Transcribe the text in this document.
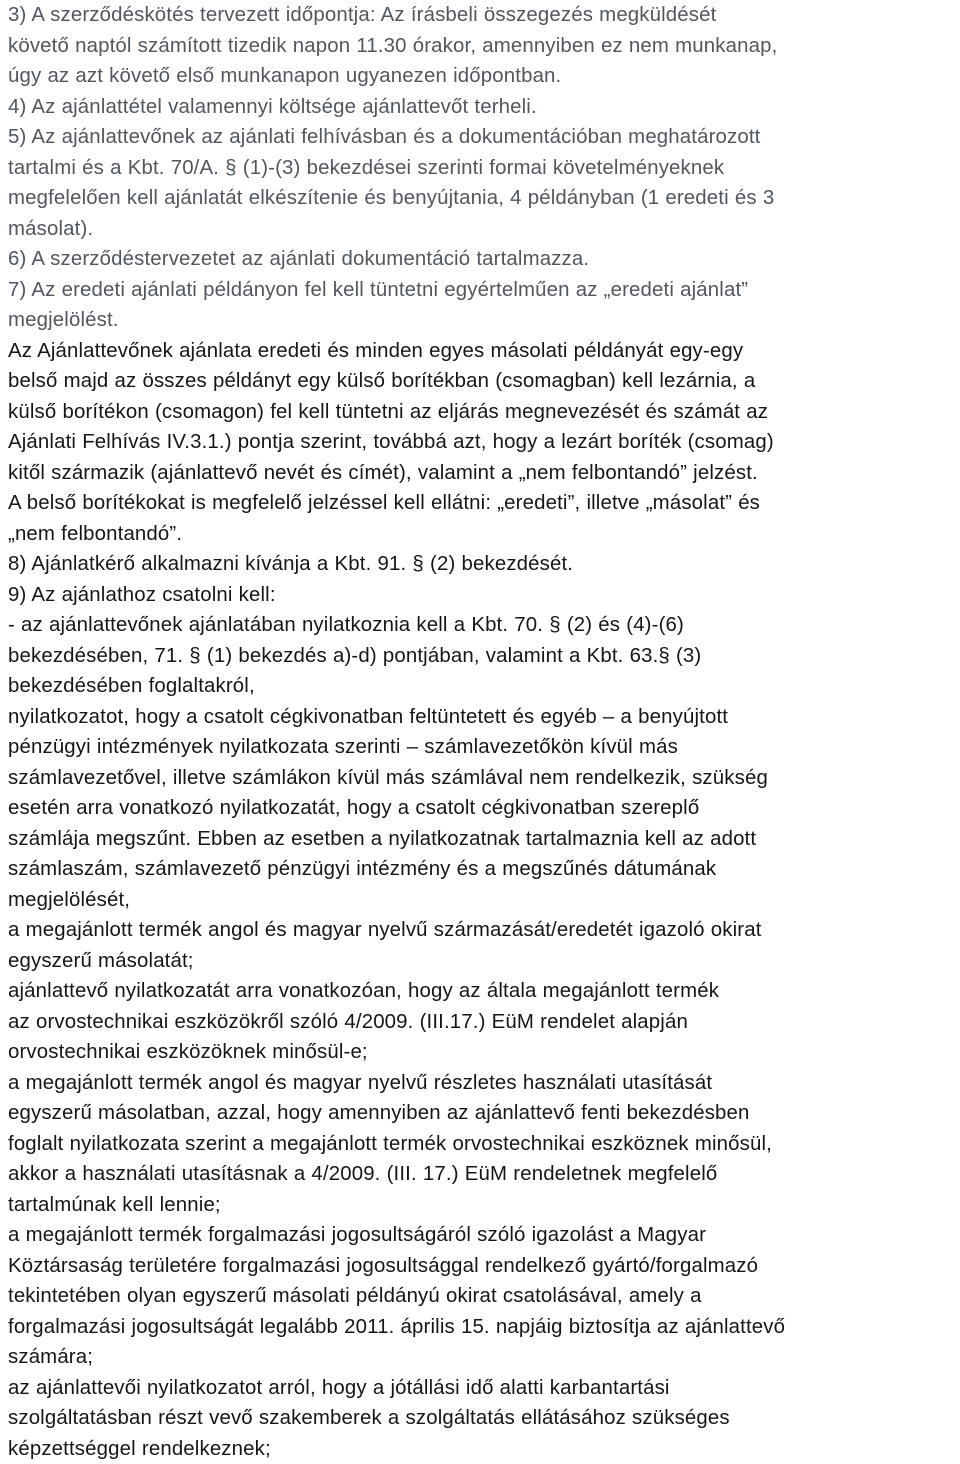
3) A szerződéskötés tervezett időpontja: Az írásbeli összegezés megküldését
követő naptól számított tizedik napon 11.30 órakor, amennyiben ez nem munkanap,
úgy az azt követő első munkanapon ugyanezen időpontban.
4) Az ajánlattétel valamennyi költsége ajánlattevőt terheli.
5) Az ajánlattevőnek az ajánlati felhívásban és a dokumentációban meghatározott
tartalmi és a Kbt. 70/A. § (1)-(3) bekezdései szerinti formai követelményeknek
megfelelően kell ajánlatát elkészítenie és benyújtania, 4 példányban (1 eredeti és 3
másolat).
6) A szerződéstervezetet az ajánlati dokumentáció tartalmazza.
7) Az eredeti ajánlati példányon fel kell tüntetni egyértelműen az „eredeti ajánlat”
megjelölést.
Az Ajánlattevőnek ajánlata eredeti és minden egyes másolati példányát egy-egy
belső majd az összes példányt egy külső borítékban (csomagban) kell lezárnia, a
külső borítékon (csomagon) fel kell tüntetni az eljárás megnevezését és számát az
Ajánlati Felhívás IV.3.1.) pontja szerint, továbbá azt, hogy a lezárt boríték (csomag)
kitől származik (ajánlattevő nevét és címét), valamint a „nem felbontandó” jelzést.
A belső borítékokat is megfelelő jelzéssel kell ellátni: „eredeti”, illetve „másolat” és
„nem felbontandó”.
8) Ajánlatkérő alkalmazni kívánja a Kbt. 91. § (2) bekezdését.
9) Az ajánlathoz csatolni kell:
- az ajánlattevőnek ajánlatában nyilatkoznia kell a Kbt. 70. § (2) és (4)-(6)
bekezdésében, 71. § (1) bekezdés a)-d) pontjában, valamint a Kbt. 63.§ (3)
bekezdésében foglaltakról,
nyilatkozatot, hogy a csatolt cégkivonatban feltüntetett és egyéb – a benyújtott
pénzügyi intézmények nyilatkozata szerinti – számlavezetőkön kívül más
számlavezetővel, illetve számlákon kívül más számlával nem rendelkezik, szükség
esetén arra vonatkozó nyilatkozatát, hogy a csatolt cégkivonatban szereplő
számlája megszűnt. Ebben az esetben a nyilatkozatnak tartalmaznia kell az adott
számlaszám, számlavezető pénzügyi intézmény és a megszűnés dátumának
megjelölését,
a megajánlott termék angol és magyar nyelvű származását/eredetét igazoló okirat
egyszerű másolatát;
ajánlattevő nyilatkozatát arra vonatkozóan, hogy az általa megajánlott termék
az orvostechnikai eszközökről szóló 4/2009. (III.17.) EüM rendelet alapján
orvostechnikai eszközöknek minősül-e;
a megajánlott termék angol és magyar nyelvű részletes használati utasítását
egyszerű másolatban, azzal, hogy amennyiben az ajánlattevő fenti bekezdésben
foglalt nyilatkozata szerint a megajánlott termék orvostechnikai eszköznek minősül,
akkor a használati utasításnak a 4/2009. (III. 17.) EüM rendeletnek megfelelő
tartalmúnak kell lennie;
a megajánlott termék forgalmazási jogosultságáról szóló igazolást a Magyar
Köztársaság területére forgalmazási jogosultsággal rendelkező gyártó/forgalmazó
tekintetében olyan egyszerű másolati példányú okirat csatolásával, amely a
forgalmazási jogosultságát legalább 2011. április 15. napjáig biztosítja az ajánlattevő
számára;
az ajánlattevői nyilatkozatot arról, hogy a jótállási idő alatti karbantartási
szolgáltatásban részt vevő szakemberek a szolgáltatás ellátásához szükséges
képzettséggel rendelkeznek;
